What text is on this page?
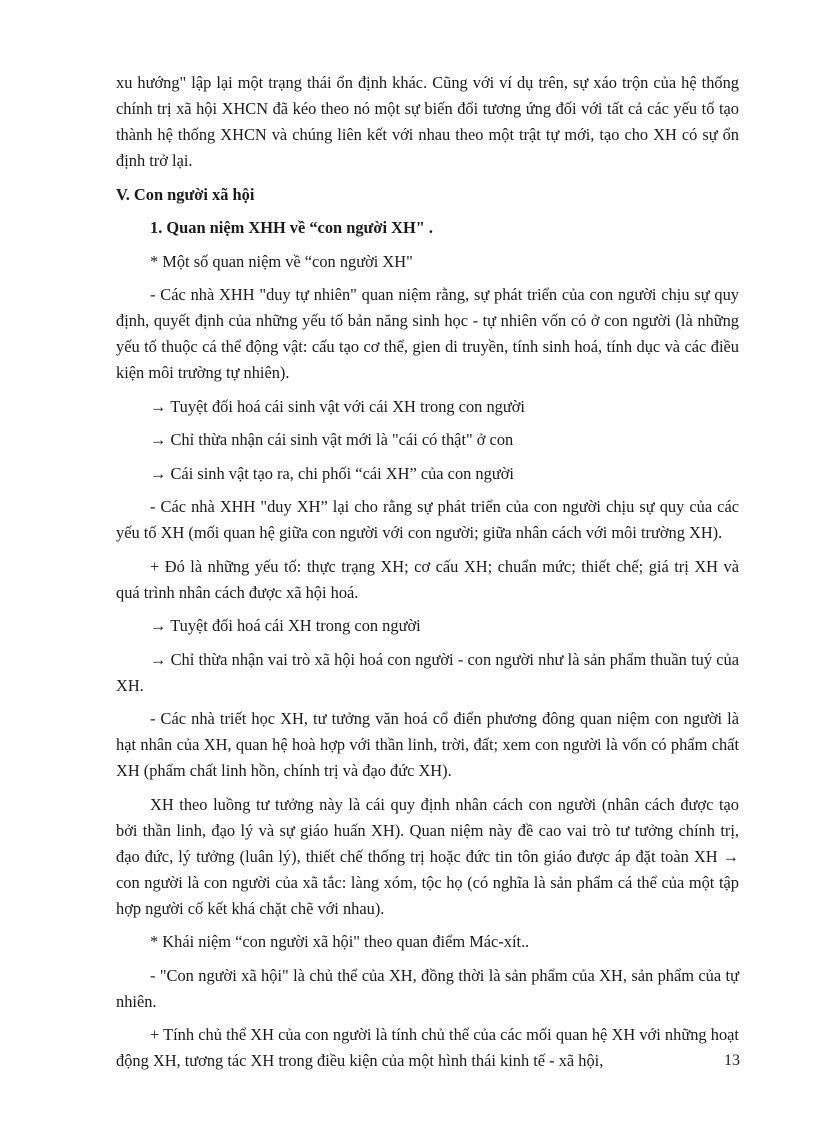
xu hướng" lập lại một trạng thái ổn định khác. Cũng với ví dụ trên, sự xáo trộn của hệ thống chính trị xã hội XHCN đã kéo theo nó một sự biến đổi tương ứng đối với tất cả các yếu tố tạo thành hệ thống XHCN và chúng liên kết với nhau theo một trật tự mới, tạo cho XH có sự ổn định trở lại.

V. Con người xã hội

1. Quan niệm XHH về “con người XH" .

* Một số quan niệm về “con người XH"

- Các nhà XHH "duy tự nhiên" quan niệm rằng, sự phát triển của con người chịu sự quy định, quyết định của những yếu tố bản năng sinh học - tự nhiên vốn có ở con người (là những yếu tố thuộc cá thể động vật: cấu tạo cơ thể, gien di truyền, tính sinh hoá, tính dục và các điều kiện môi trường tự nhiên).

→ Tuyệt đối hoá cái sinh vật với cái XH trong con người

→ Chỉ thừa nhận cái sinh vật mới là "cái có thật" ở con

→ Cái sinh vật tạo ra, chi phối “cái XH” của con người

- Các nhà XHH "duy XH” lại cho rằng sự phát triển của con người chịu sự quy của các yếu tố XH (mối quan hệ giữa con người với con người; giữa nhân cách với môi trường XH).

+ Đó là những yếu tố: thực trạng XH; cơ cấu XH; chuẩn mức; thiết chế; giá trị XH và quá trình nhân cách được xã hội hoá.

→ Tuyệt đối hoá cái XH trong con người

→ Chỉ thừa nhận vai trò xã hội hoá con người - con người như là sản phẩm thuần tuý của XH.

- Các nhà triết học XH, tư tưởng văn hoá cổ điển phương đông quan niệm con người là hạt nhân của XH, quan hệ hoà hợp với thần linh, trời, đất; xem con người là vốn có phẩm chất XH (phẩm chất linh hồn, chính trị và đạo đức XH).

XH theo luồng tư tưởng này là cái quy định nhân cách con người (nhân cách được tạo bởi thần linh, đạo lý và sự giáo huấn XH). Quan niệm này đề cao vai trò tư tưởng chính trị, đạo đức, lý tưởng (luân lý), thiết chế thống trị hoặc đức tin tôn giáo được áp đặt toàn XH → con người là con người của xã tắc: làng xóm, tộc họ (có nghĩa là sản phẩm cá thể của một tập hợp người cố kết khá chặt chẽ với nhau).

* Khái niệm “con người xã hội" theo quan điểm Mác-xít..

- "Con người xã hội" là chủ thể của XH, đồng thời là sản phẩm của XH, sản phẩm của tự nhiên.

+ Tính chủ thể XH của con người là tính chủ thể của các mối quan hệ XH với những hoạt động XH, tương tác XH trong điều kiện của một hình thái kinh tế - xã hội,	13
